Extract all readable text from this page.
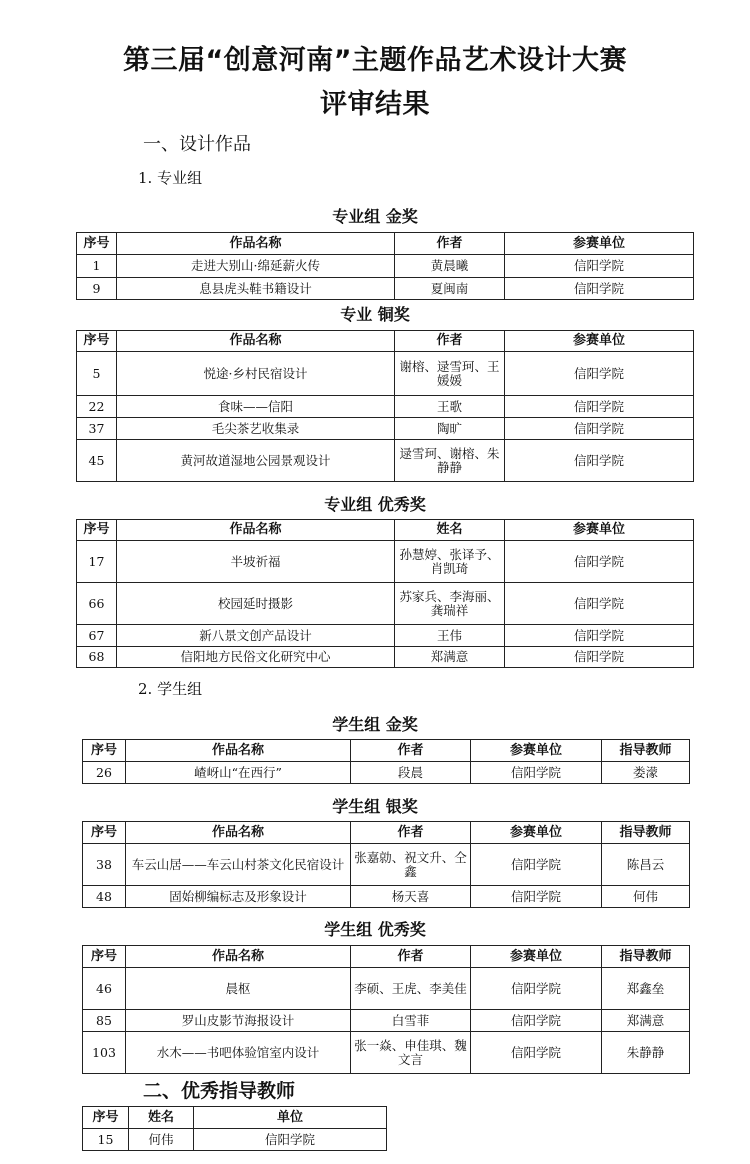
第三届“创意河南”主题作品艺术设计大赛
评审结果
一、设计作品
1. 专业组
专业组 金奖
序号	作品名称	作者	参赛单位
1	走进大别山·绵延薪火传	黄晨曦	信阳学院
9	息县虎头鞋书籍设计	夏闽南	信阳学院
专业 铜奖
序号	作品名称	作者	参赛单位
5	悦途·乡村民宿设计	谢榕、逯雪珂、王媛媛	信阳学院
22	食味——信阳	王歌	信阳学院
37	毛尖茶艺收集录	陶旷	信阳学院
45	黄河故道湿地公园景观设计	逯雪珂、谢榕、朱静静	信阳学院
专业组 优秀奖
序号	作品名称	姓名	参赛单位
17	半坡祈福	孙慧婷、张译予、肖凯琦	信阳学院
66	校园延时摄影	苏家兵、李海丽、龚瑞祥	信阳学院
67	新八景文创产品设计	王伟	信阳学院
68	信阳地方民俗文化研究中心	郑满意	信阳学院
2. 学生组
学生组 金奖
序号	作品名称	作者	参赛单位	指导教师
26	嵖岈山“在西行”	段晨	信阳学院	娄濛
学生组 银奖
序号	作品名称	作者	参赛单位	指导教师
38	车云山居——车云山村茶文化民宿设计	张嘉勍、祝文升、仝鑫	信阳学院	陈昌云
48	固始柳编标志及形象设计	杨天喜	信阳学院	何伟
学生组 优秀奖
序号	作品名称	作者	参赛单位	指导教师
46	晨枢	李硕、王虎、李美佳	信阳学院	郑鑫垒
85	罗山皮影节海报设计	白雪菲	信阳学院	郑满意
103	水木——书吧体验馆室内设计	张一焱、申佳琪、魏文言	信阳学院	朱静静
二、优秀指导教师
序号	姓名	单位
15	何伟	信阳学院
